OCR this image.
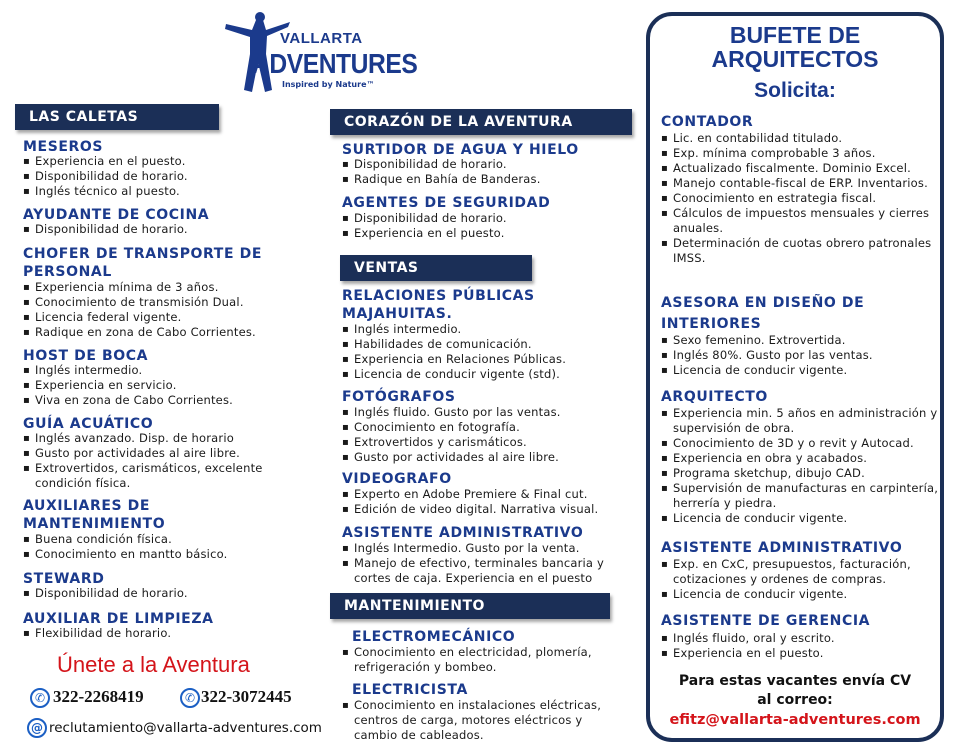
VALLARTA
ADVENTURES
Inspired by Nature™
LAS CALETAS
MESEROS
▪ Experiencia en el puesto.
▪ Disponibilidad de horario.
▪ Inglés técnico al puesto.
AYUDANTE DE COCINA
▪ Disponibilidad de horario.
CHOFER DE TRANSPORTE DE
PERSONAL
▪ Experiencia mínima de 3 años.
▪ Conocimiento de transmisión Dual.
▪ Licencia federal vigente.
▪ Radique en zona de Cabo Corrientes.
HOST DE BOCA
▪ Inglés intermedio.
▪ Experiencia en servicio.
▪ Viva en zona de Cabo Corrientes.
GUÍA ACUÁTICO
▪ Inglés avanzado. Disp. de horario
▪ Gusto por actividades al aire libre.
▪ Extrovertidos, carismáticos, excelente condición física.
AUXILIARES DE
MANTENIMIENTO
▪ Buena condición física.
▪ Conocimiento en mantto básico.
STEWARD
▪ Disponibilidad de horario.
AUXILIAR DE LIMPIEZA
▪ Flexibilidad de horario.
Únete a la Aventura
✆ 322-2268419	✆ 322-3072445
@ reclutamiento@vallarta-adventures.com
CORAZÓN DE LA AVENTURA
SURTIDOR DE AGUA Y HIELO
▪ Disponibilidad de horario.
▪ Radique en Bahía de Banderas.
AGENTES DE SEGURIDAD
▪ Disponibilidad de horario.
▪ Experiencia en el puesto.
VENTAS
RELACIONES PÚBLICAS
MAJAHUITAS.
▪ Inglés intermedio.
▪ Habilidades de comunicación.
▪ Experiencia en Relaciones Públicas.
▪ Licencia de conducir vigente (std).
FOTÓGRAFOS
▪ Inglés fluido. Gusto por las ventas.
▪ Conocimiento en fotografía.
▪ Extrovertidos y carismáticos.
▪ Gusto por actividades al aire libre.
VIDEOGRAFO
▪ Experto en Adobe Premiere & Final cut.
▪ Edición de video digital. Narrativa visual.
ASISTENTE ADMINISTRATIVO
▪ Inglés Intermedio. Gusto por la venta.
▪ Manejo de efectivo, terminales bancaria y cortes de caja. Experiencia en el puesto
MANTENIMIENTO
ELECTROMECÁNICO
▪ Conocimiento en electricidad, plomería, refrigeración y bombeo.
ELECTRICISTA
▪ Conocimiento en instalaciones eléctricas, centros de carga, motores eléctricos y cambio de cableados.
BUFETE DE
ARQUITECTOS
Solicita:
CONTADOR
▪ Lic. en contabilidad titulado.
▪ Exp. mínima comprobable 3 años.
▪ Actualizado fiscalmente. Dominio Excel.
▪ Manejo contable-fiscal de ERP. Inventarios.
▪ Conocimiento en estrategia fiscal.
▪ Cálculos de impuestos mensuales y cierres anuales.
▪ Determinación de cuotas obrero patronales IMSS.
ASESORA EN DISEÑO DE
INTERIORES
▪ Sexo femenino. Extrovertida.
▪ Inglés 80%. Gusto por las ventas.
▪ Licencia de conducir vigente.
ARQUITECTO
▪ Experiencia min. 5 años en administración y supervisión de obra.
▪ Conocimiento de 3D y o revit y Autocad.
▪ Experiencia en obra y acabados.
▪ Programa sketchup, dibujo CAD.
▪ Supervisión de manufacturas en carpintería, herrería y piedra.
▪ Licencia de conducir vigente.
ASISTENTE ADMINISTRATIVO
▪ Exp. en CxC, presupuestos, facturación, cotizaciones y ordenes de compras.
▪ Licencia de conducir vigente.
ASISTENTE DE GERENCIA
▪ Inglés fluido, oral y escrito.
▪ Experiencia en el puesto.
Para estas vacantes envía CV
al correo:
efitz@vallarta-adventures.com
